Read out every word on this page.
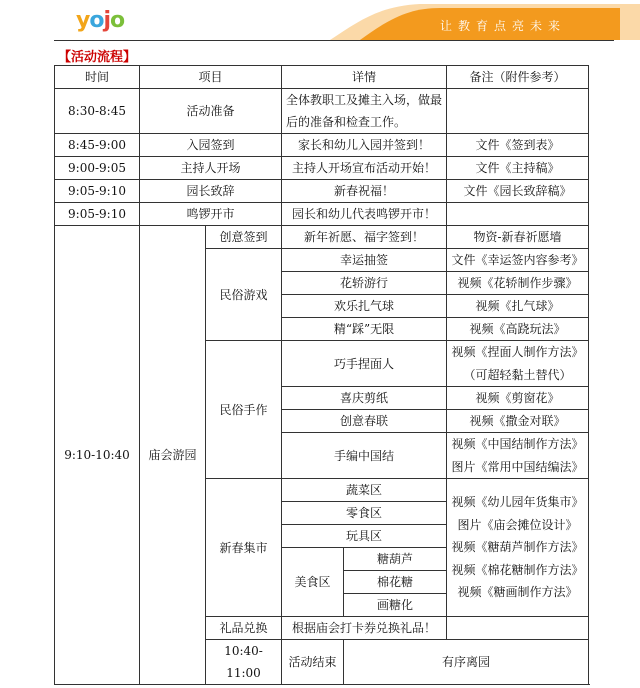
yojo	让教育点亮未来
【活动流程】
时间	项目		详情		备注（附件参考）	
8:30-8:45	活动准备		全体教职工及摊主入场，做最后的准备和检查工作。			
8:45-9:00	入园签到		家长和幼儿入园并签到！		文件《签到表》	
9:00-9:05	主持人开场		主持人开场宣布活动开始！		文件《主持稿》	
9:05-9:10	园长致辞		新春祝福！		文件《园长致辞稿》	
9:05-9:10	鸣锣开市		园长和幼儿代表鸣锣开市！			
9:10-10:40	庙会游园	创意签到	新年祈愿、福字签到！		物资-新春祈愿墙	
		民俗游戏	幸运抽签		文件《幸运签内容参考》	
			花轿游行		视频《花轿制作步骤》	
			欢乐扎气球		视频《扎气球》	
			精“踩”无限		视频《高跷玩法》	
		民俗手作	巧手捏面人		视频《捏面人制作方法》
（可超轻黏土替代）	

			喜庆剪纸		视频《剪窗花》	
			创意春联		视频《撒金对联》	
			手编中国结		视频《中国结制作方法》
图片《常用中国结编法》	

		新春集市	蔬菜区		视频《幼儿园年货集市》
图片《庙会摊位设计》
视频《糖葫芦制作方法》
视频《棉花糖制作方法》
视频《糖画制作方法》	

			零食区			
			玩具区			
			美食区	糖葫芦		
				棉花糖		
				画糖化		
		礼品兑换	根据庙会打卡券兑换礼品！			
		10:40-11:00	活动结束	有序离园		
